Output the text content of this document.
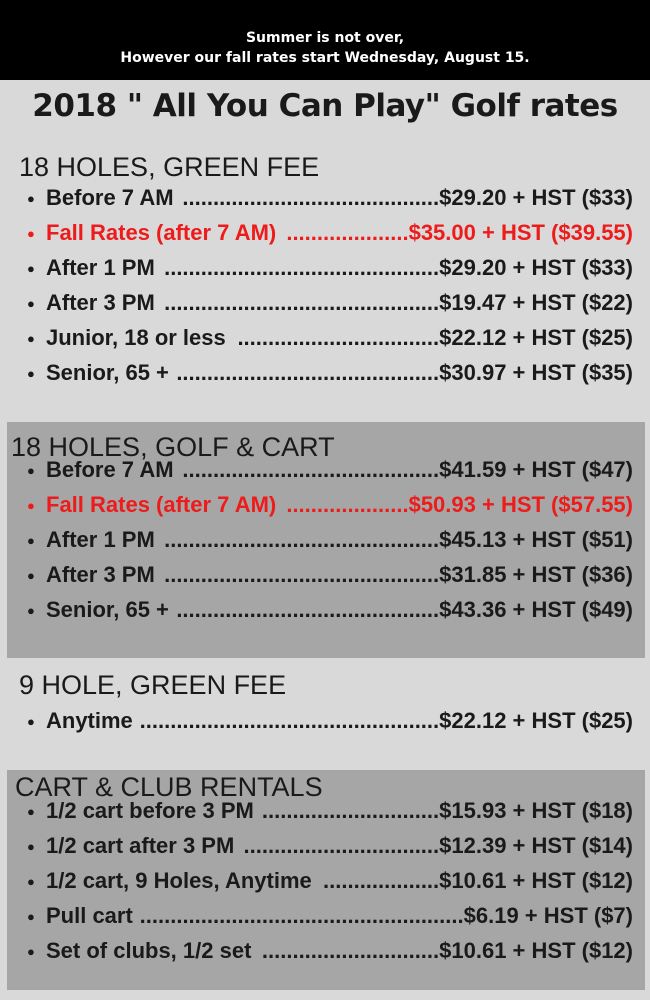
Summer is not over,
However our fall rates start Wednesday, August 15.
2018 " All You Can Play" Golf rates
18 HOLES, GREEN FEE
● Before 7 AM	$29.20 + HST ($33)
..........................................
● Fall Rates (after 7 AM)	$35.00 + HST ($39.55)
....................
● After 1 PM	$29.20 + HST ($33)
.............................................
● After 3 PM	$19.47 + HST ($22)
.............................................
● Junior, 18 or less	$22.12 + HST ($25)
.................................
● Senior, 65 +	$30.97 + HST ($35)
...........................................
18 HOLES, GOLF & CART
● Before 7 AM	$41.59 + HST ($47)
..........................................
● Fall Rates (after 7 AM)	$50.93 + HST ($57.55)
....................
● After 1 PM	$45.13 + HST ($51)
.............................................
● After 3 PM	$31.85 + HST ($36)
.............................................
● Senior, 65 +	$43.36 + HST ($49)
...........................................
9 HOLE, GREEN FEE
● Anytime	$22.12 + HST ($25)
.................................................
CART & CLUB RENTALS
● 1/2 cart before 3 PM	$15.93 + HST ($18)
.............................
● 1/2 cart after 3 PM	$12.39 + HST ($14)
................................
● 1/2 cart, 9 Holes, Anytime	$10.61 + HST ($12)
...................
● Pull cart	$6.19 + HST ($7)
.....................................................
● Set of clubs, 1/2 set	$10.61 + HST ($12)
.............................
